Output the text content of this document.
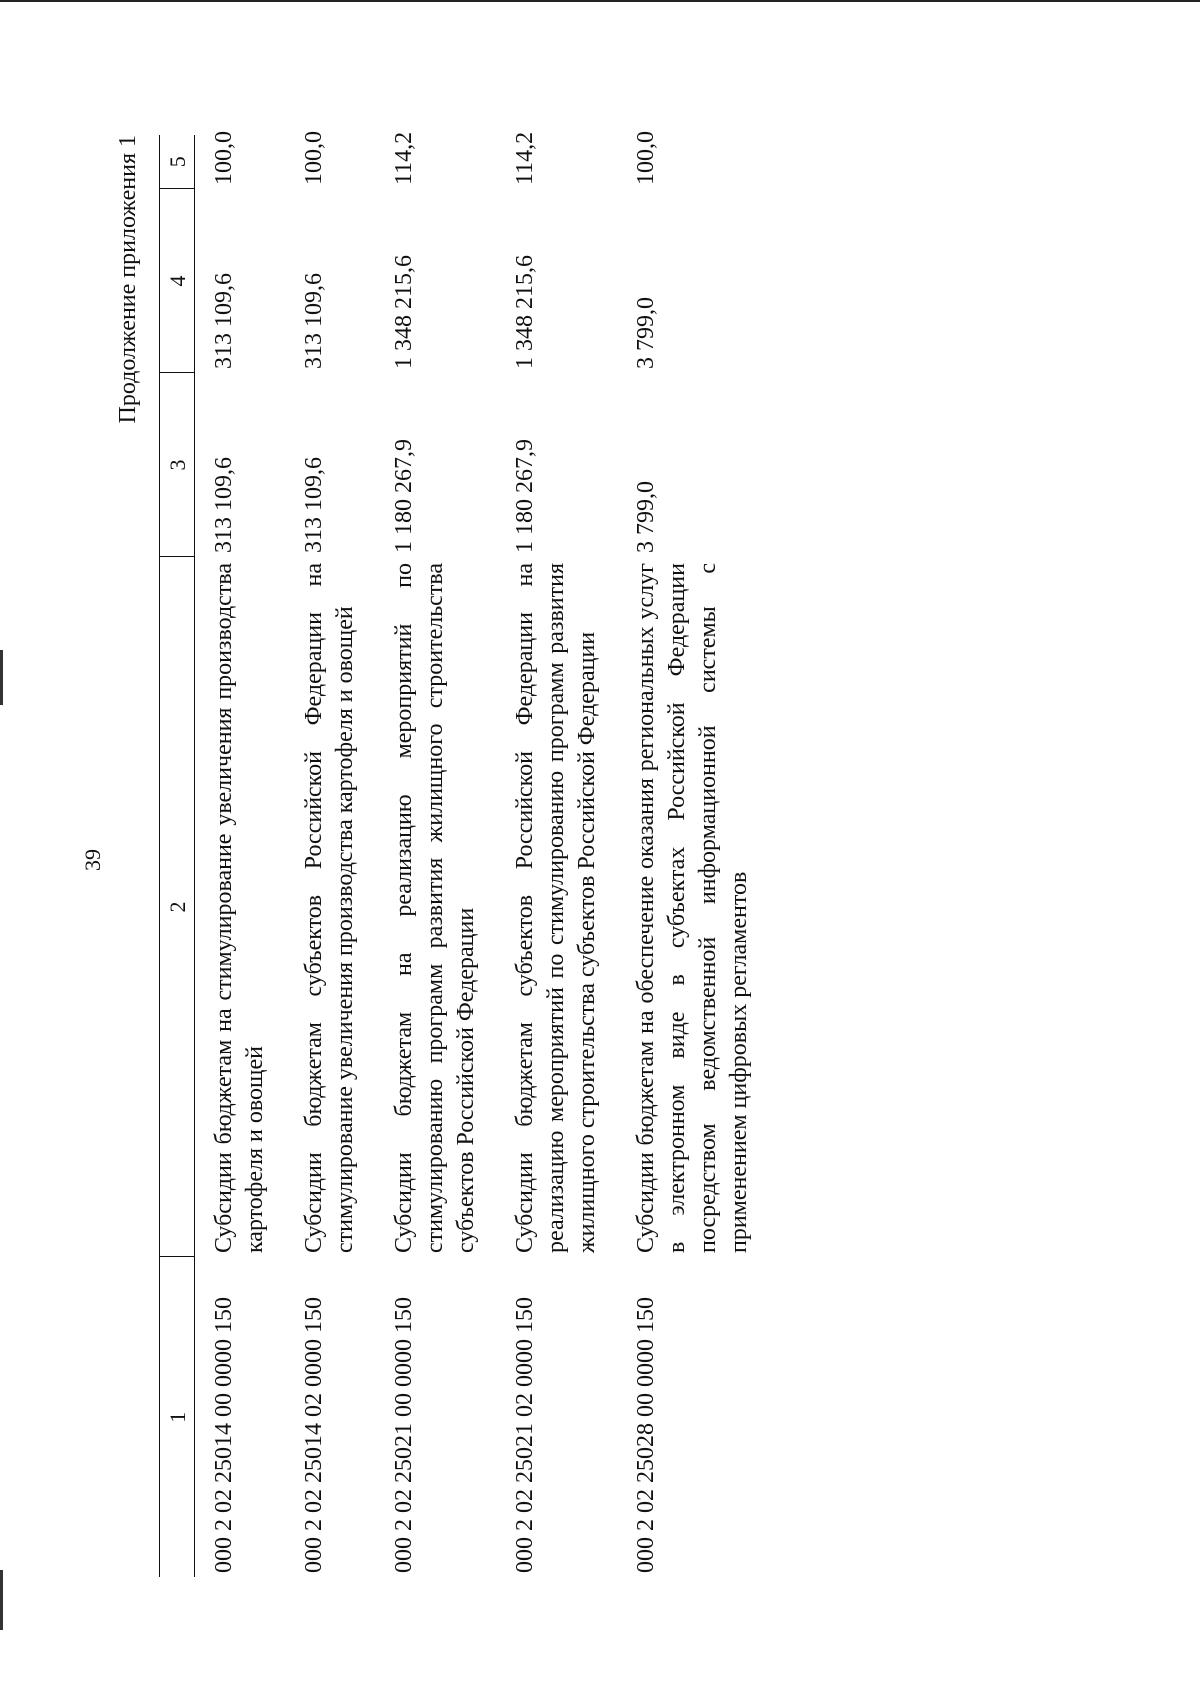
39
Продолжение приложения 1
1	2	3	4	5
000 2 02 25014 00 0000 150	Субсидии бюджетам на стимулирование увеличения производства картофеля и овощей	313 109,6	313 109,6	100,0
000 2 02 25014 02 0000 150	Субсидии бюджетам субъектов Российской Федерации на стимулирование увеличения производства картофеля и овощей	313 109,6	313 109,6	100,0
000 2 02 25021 00 0000 150	Субсидии бюджетам на реализацию мероприятий по стимулированию программ развития жилищного строительства субъектов Российской Федерации	1 180 267,9	1 348 215,6	114,2
000 2 02 25021 02 0000 150	Субсидии бюджетам субъектов Российской Федерации на реализацию мероприятий по стимулированию программ развития жилищного строительства субъектов Российской Федерации	1 180 267,9	1 348 215,6	114,2
000 2 02 25028 00 0000 150	Субсидии бюджетам на обеспечение оказания региональных услуг в электронном виде в субъектах Российской Федерации посредством ведомственной информационной системы с применением цифровых регламентов	3 799,0	3 799,0	100,0
